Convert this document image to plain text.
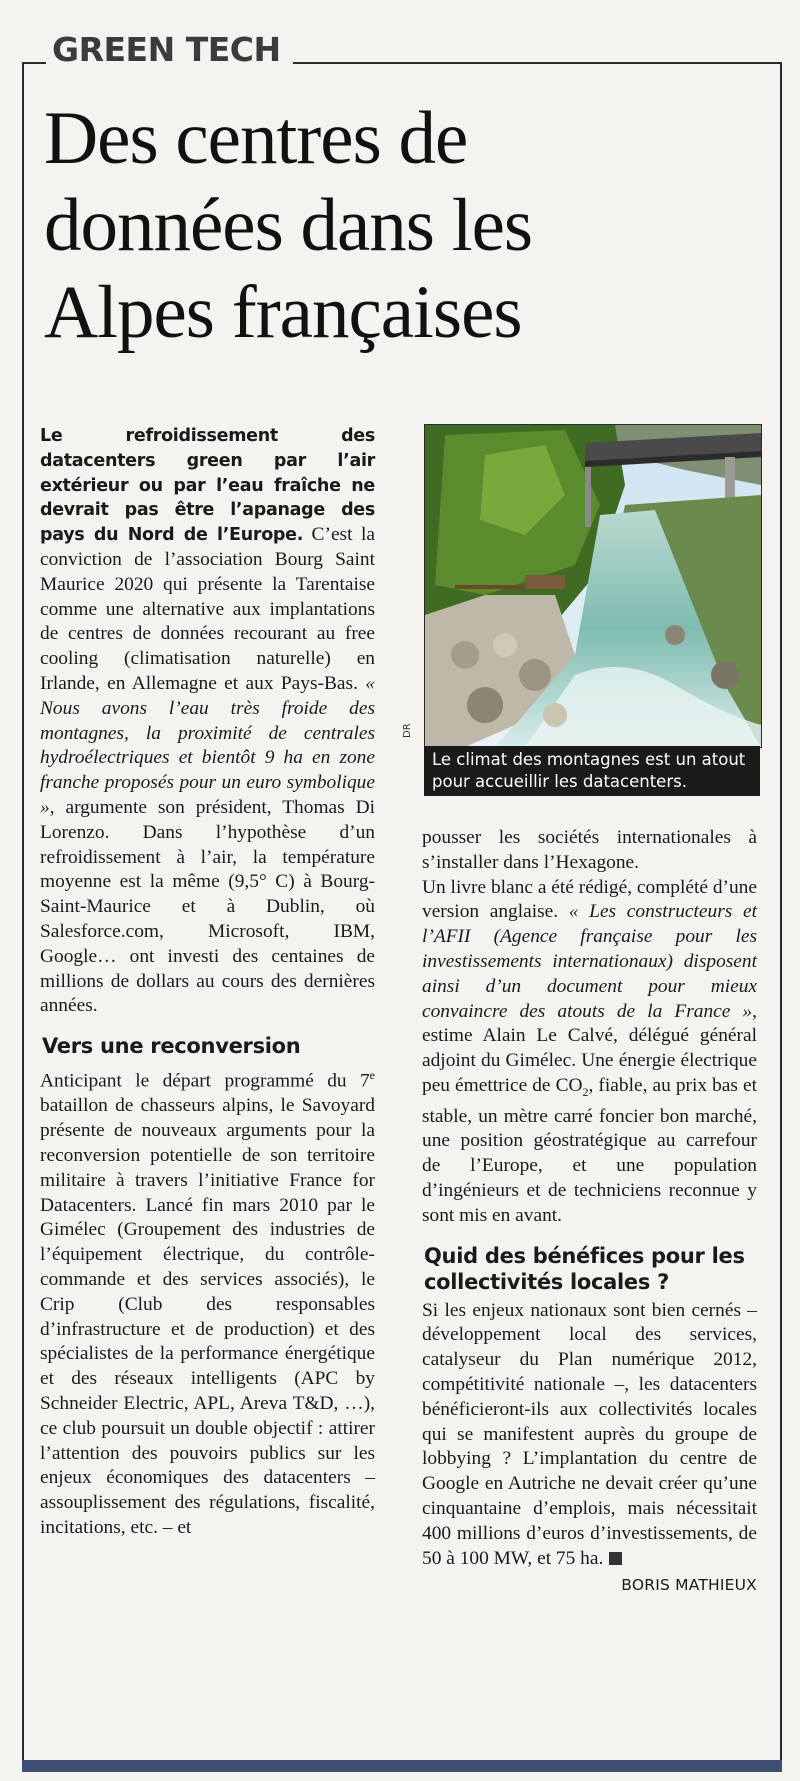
GREEN TECH
Des centres de données dans les Alpes françaises

Le refroidissement des datacenters green par l’air extérieur ou par l’eau fraîche ne devrait pas être l’apanage des pays du Nord de l’Europe. C’est la conviction de l’association Bourg Saint Maurice 2020 qui présente la Tarentaise comme une alternative aux implantations de centres de données recourant au free cooling (climatisation naturelle) en Irlande, en Allemagne et aux Pays-Bas. « Nous avons l’eau très froide des montagnes, la proximité de centrales hydroélectriques et bientôt 9 ha en zone franche proposés pour un euro symbolique », argumente son président, Thomas Di Lorenzo. Dans l’hypothèse d’un refroidissement à l’air, la température moyenne est la même (9,5° C) à Bourg-Saint-Maurice et à Dublin, où Salesforce.com, Microsoft, IBM, Google… ont investi des centaines de millions de dollars au cours des dernières années.

Vers une reconversion

Anticipant le départ programmé du 7e bataillon de chasseurs alpins, le Savoyard présente de nouveaux arguments pour la reconversion potentielle de son territoire militaire à travers l’initiative France for Datacenters. Lancé fin mars 2010 par le Gimélec (Groupement des industries de l’équipement électrique, du contrôle-commande et des services associés), le Crip (Club des responsables d’infrastructure et de production) et des spécialistes de la performance énergétique et des réseaux intelligents (APC by Schneider Electric, APL, Areva T&D, …), ce club poursuit un double objectif : attirer l’attention des pouvoirs publics sur les enjeux économiques des datacenters – assouplissement des régulations, fiscalité, incitations, etc. – et

DR
Le climat des montagnes est un atout pour accueillir les datacenters.

pousser les sociétés internationales à s’installer dans l’Hexagone.

Un livre blanc a été rédigé, complété d’une version anglaise. « Les constructeurs et l’AFII (Agence française pour les investissements internationaux) disposent ainsi d’un document pour mieux convaincre des atouts de la France », estime Alain Le Calvé, délégué général adjoint du Gimélec. Une énergie électrique peu émettrice de $CO_2$, fiable, au prix bas et stable, un mètre carré foncier bon marché, une position géostratégique au carrefour de l’Europe, et une population d’ingénieurs et de techniciens reconnue y sont mis en avant.

Quid des bénéfices pour les collectivités locales ?

Si les enjeux nationaux sont bien cernés – développement local des services, catalyseur du Plan numérique 2012, compétitivité nationale –, les datacenters bénéficieront-ils aux collectivités locales qui se manifestent auprès du groupe de lobbying ? L’implantation du centre de Google en Autriche ne devait créer qu’une cinquantaine d’emplois, mais nécessitait 400 millions d’euros d’investissements, de 50 à 100 MW, et 75 ha.
BORIS MATHIEUX
